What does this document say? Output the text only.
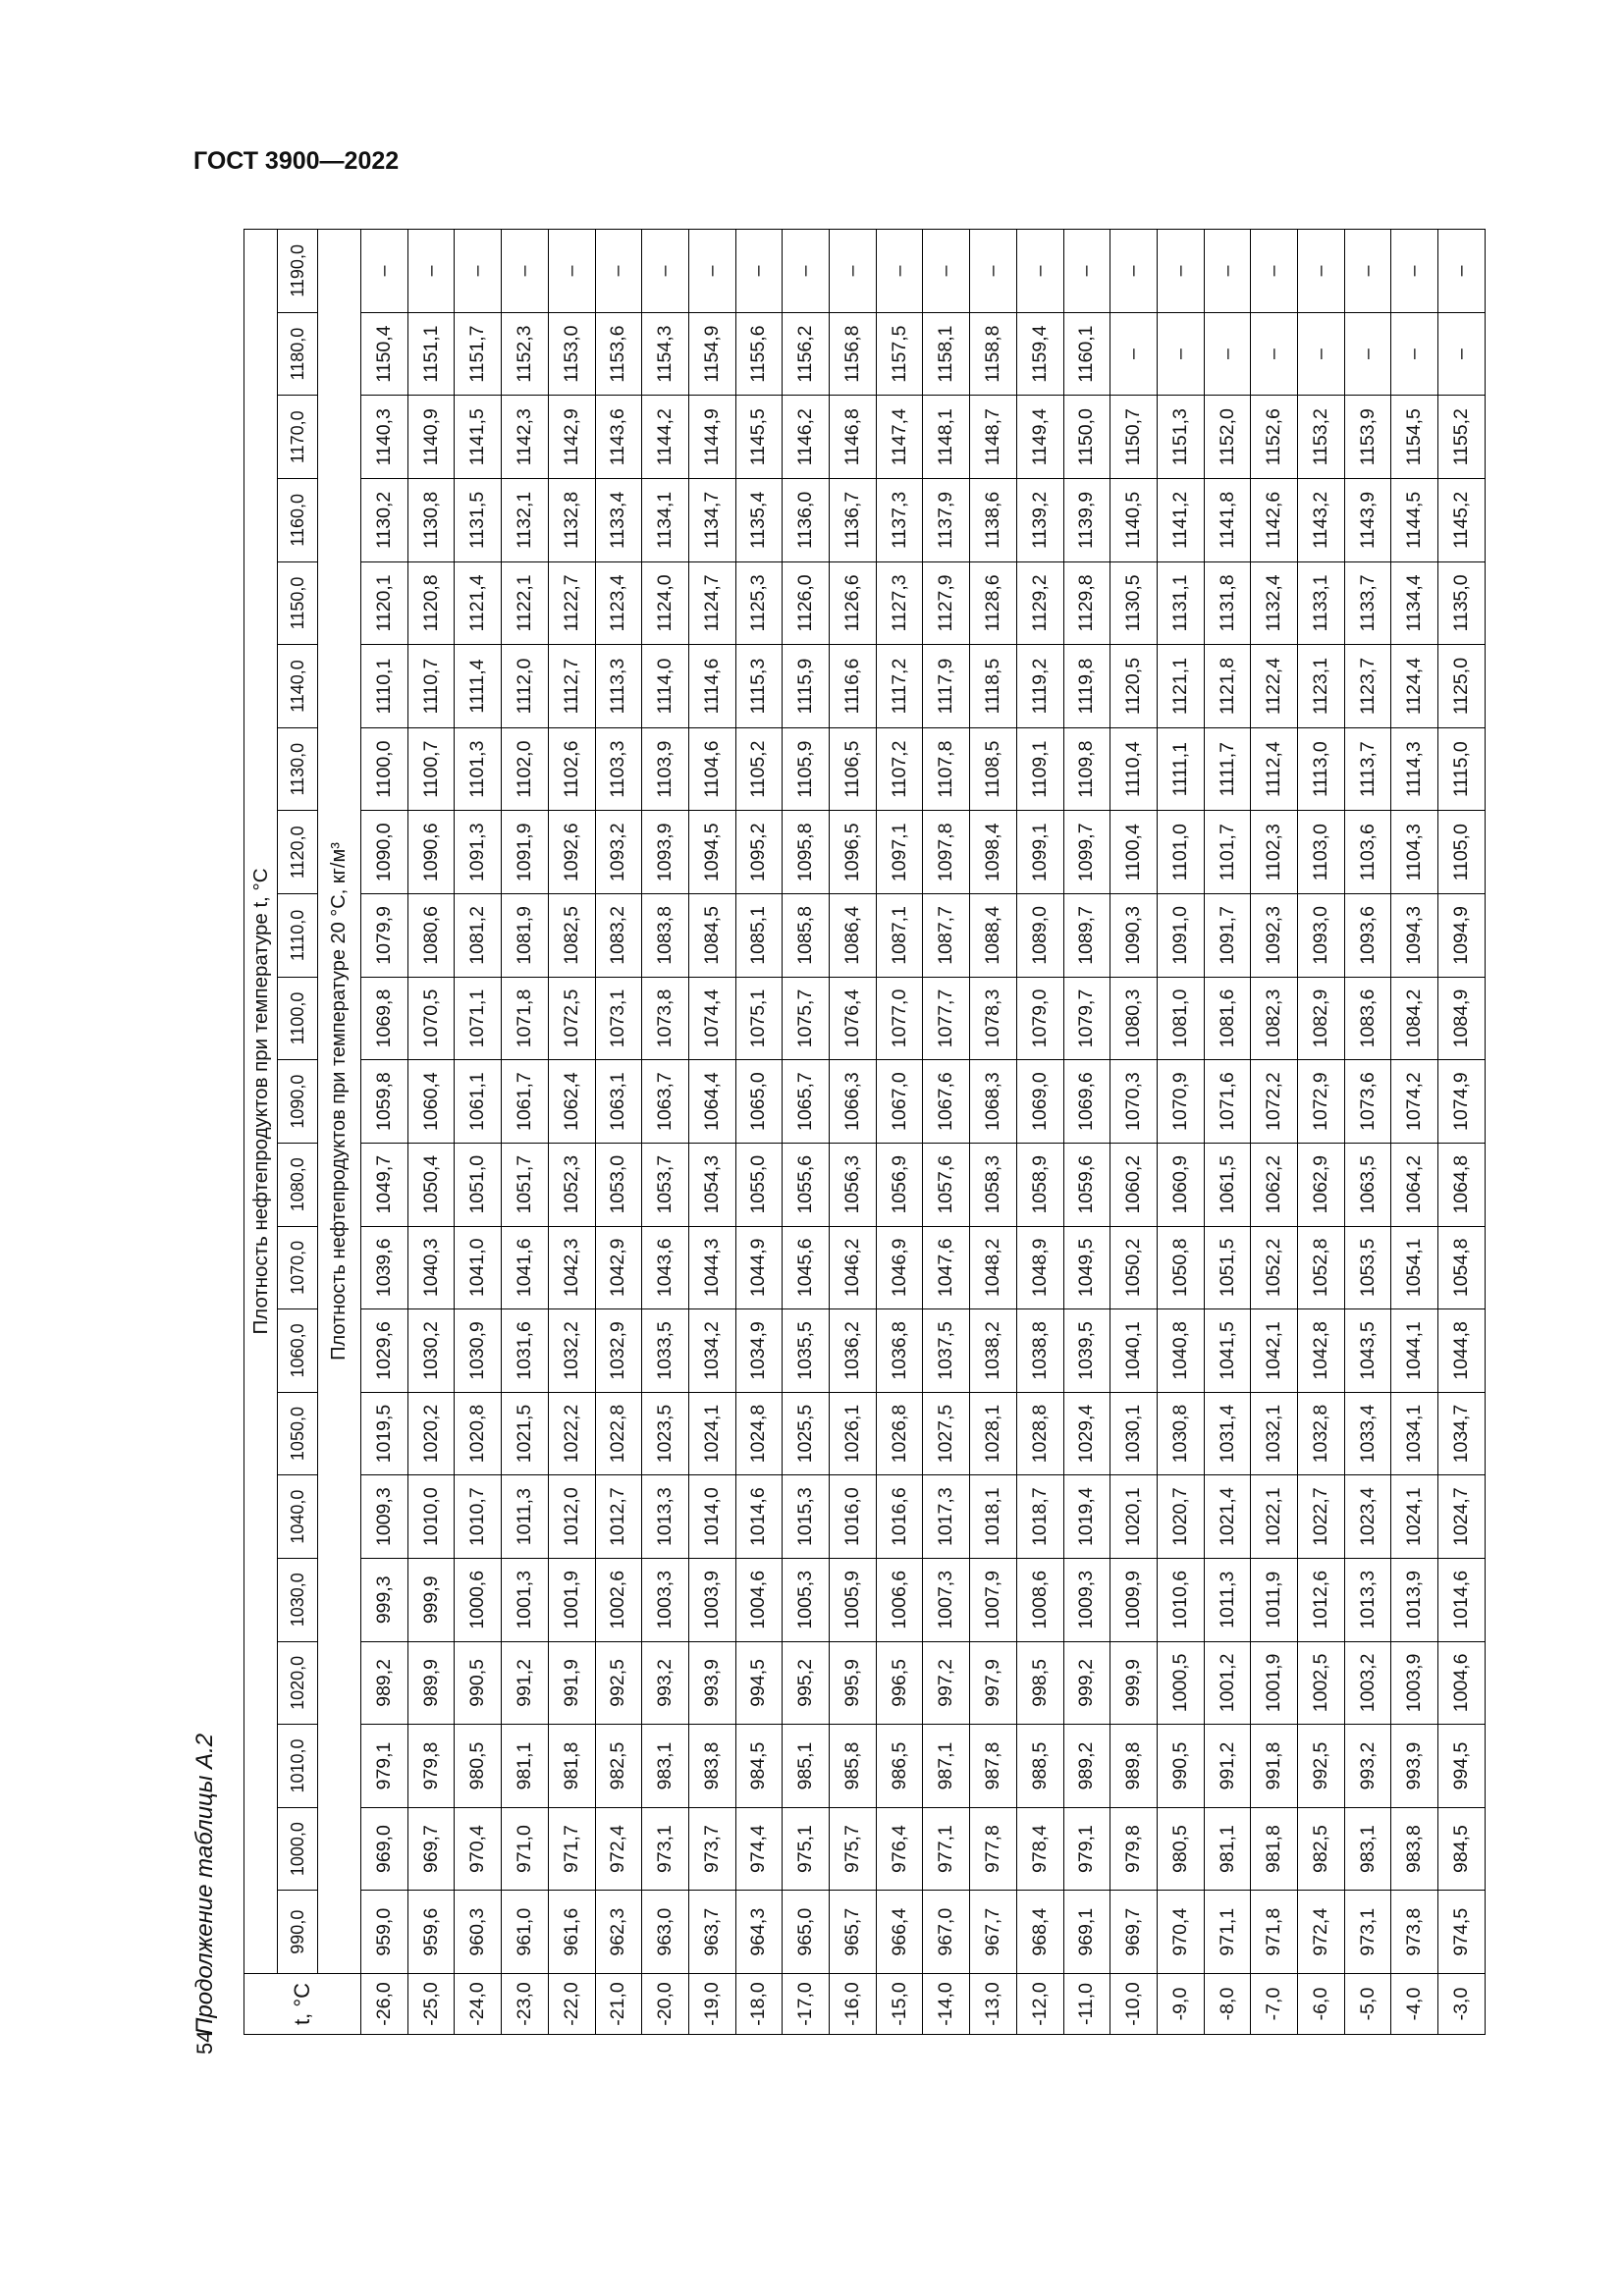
ГОСТ 3900—2022
54
Продолжение таблицы А.2	t, °C	Плотность нефтепродуктов при температуре t, °C																				
	990,0	1000,0	1010,0	1020,0	1030,0	1040,0	1050,0	1060,0	1070,0	1080,0	1090,0	1100,0	1110,0	1120,0	1130,0	1140,0	1150,0	1160,0	1170,0	1180,0	1190,0
	Плотность нефтепродуктов при температуре 20 °C, кг/м³																				
-26,0	959,0	969,0	979,1	989,2	999,3	1009,3	1019,5	1029,6	1039,6	1049,7	1059,8	1069,8	1079,9	1090,0	1100,0	1110,1	1120,1	1130,2	1140,3	1150,4	–
-25,0	959,6	969,7	979,8	989,9	999,9	1010,0	1020,2	1030,2	1040,3	1050,4	1060,4	1070,5	1080,6	1090,6	1100,7	1110,7	1120,8	1130,8	1140,9	1151,1	–
-24,0	960,3	970,4	980,5	990,5	1000,6	1010,7	1020,8	1030,9	1041,0	1051,0	1061,1	1071,1	1081,2	1091,3	1101,3	1111,4	1121,4	1131,5	1141,5	1151,7	–
-23,0	961,0	971,0	981,1	991,2	1001,3	1011,3	1021,5	1031,6	1041,6	1051,7	1061,7	1071,8	1081,9	1091,9	1102,0	1112,0	1122,1	1132,1	1142,3	1152,3	–
-22,0	961,6	971,7	981,8	991,9	1001,9	1012,0	1022,2	1032,2	1042,3	1052,3	1062,4	1072,5	1082,5	1092,6	1102,6	1112,7	1122,7	1132,8	1142,9	1153,0	–
-21,0	962,3	972,4	982,5	992,5	1002,6	1012,7	1022,8	1032,9	1042,9	1053,0	1063,1	1073,1	1083,2	1093,2	1103,3	1113,3	1123,4	1133,4	1143,6	1153,6	–
-20,0	963,0	973,1	983,1	993,2	1003,3	1013,3	1023,5	1033,5	1043,6	1053,7	1063,7	1073,8	1083,8	1093,9	1103,9	1114,0	1124,0	1134,1	1144,2	1154,3	–
-19,0	963,7	973,7	983,8	993,9	1003,9	1014,0	1024,1	1034,2	1044,3	1054,3	1064,4	1074,4	1084,5	1094,5	1104,6	1114,6	1124,7	1134,7	1144,9	1154,9	–
-18,0	964,3	974,4	984,5	994,5	1004,6	1014,6	1024,8	1034,9	1044,9	1055,0	1065,0	1075,1	1085,1	1095,2	1105,2	1115,3	1125,3	1135,4	1145,5	1155,6	–
-17,0	965,0	975,1	985,1	995,2	1005,3	1015,3	1025,5	1035,5	1045,6	1055,6	1065,7	1075,7	1085,8	1095,8	1105,9	1115,9	1126,0	1136,0	1146,2	1156,2	–
-16,0	965,7	975,7	985,8	995,9	1005,9	1016,0	1026,1	1036,2	1046,2	1056,3	1066,3	1076,4	1086,4	1096,5	1106,5	1116,6	1126,6	1136,7	1146,8	1156,8	–
-15,0	966,4	976,4	986,5	996,5	1006,6	1016,6	1026,8	1036,8	1046,9	1056,9	1067,0	1077,0	1087,1	1097,1	1107,2	1117,2	1127,3	1137,3	1147,4	1157,5	–
-14,0	967,0	977,1	987,1	997,2	1007,3	1017,3	1027,5	1037,5	1047,6	1057,6	1067,6	1077,7	1087,7	1097,8	1107,8	1117,9	1127,9	1137,9	1148,1	1158,1	–
-13,0	967,7	977,8	987,8	997,9	1007,9	1018,1	1028,1	1038,2	1048,2	1058,3	1068,3	1078,3	1088,4	1098,4	1108,5	1118,5	1128,6	1138,6	1148,7	1158,8	–
-12,0	968,4	978,4	988,5	998,5	1008,6	1018,7	1028,8	1038,8	1048,9	1058,9	1069,0	1079,0	1089,0	1099,1	1109,1	1119,2	1129,2	1139,2	1149,4	1159,4	–
-11,0	969,1	979,1	989,2	999,2	1009,3	1019,4	1029,4	1039,5	1049,5	1059,6	1069,6	1079,7	1089,7	1099,7	1109,8	1119,8	1129,8	1139,9	1150,0	1160,1	–
-10,0	969,7	979,8	989,8	999,9	1009,9	1020,1	1030,1	1040,1	1050,2	1060,2	1070,3	1080,3	1090,3	1100,4	1110,4	1120,5	1130,5	1140,5	1150,7	–	–
-9,0	970,4	980,5	990,5	1000,5	1010,6	1020,7	1030,8	1040,8	1050,8	1060,9	1070,9	1081,0	1091,0	1101,0	1111,1	1121,1	1131,1	1141,2	1151,3	–	–
-8,0	971,1	981,1	991,2	1001,2	1011,3	1021,4	1031,4	1041,5	1051,5	1061,5	1071,6	1081,6	1091,7	1101,7	1111,7	1121,8	1131,8	1141,8	1152,0	–	–
-7,0	971,8	981,8	991,8	1001,9	1011,9	1022,1	1032,1	1042,1	1052,2	1062,2	1072,2	1082,3	1092,3	1102,3	1112,4	1122,4	1132,4	1142,6	1152,6	–	–
-6,0	972,4	982,5	992,5	1002,5	1012,6	1022,7	1032,8	1042,8	1052,8	1062,9	1072,9	1082,9	1093,0	1103,0	1113,0	1123,1	1133,1	1143,2	1153,2	–	–
-5,0	973,1	983,1	993,2	1003,2	1013,3	1023,4	1033,4	1043,5	1053,5	1063,5	1073,6	1083,6	1093,6	1103,6	1113,7	1123,7	1133,7	1143,9	1153,9	–	–
-4,0	973,8	983,8	993,9	1003,9	1013,9	1024,1	1034,1	1044,1	1054,1	1064,2	1074,2	1084,2	1094,3	1104,3	1114,3	1124,4	1134,4	1144,5	1154,5	–	–
-3,0	974,5	984,5	994,5	1004,6	1014,6	1024,7	1034,7	1044,8	1054,8	1064,8	1074,9	1084,9	1094,9	1105,0	1115,0	1125,0	1135,0	1145,2	1155,2	–	–
